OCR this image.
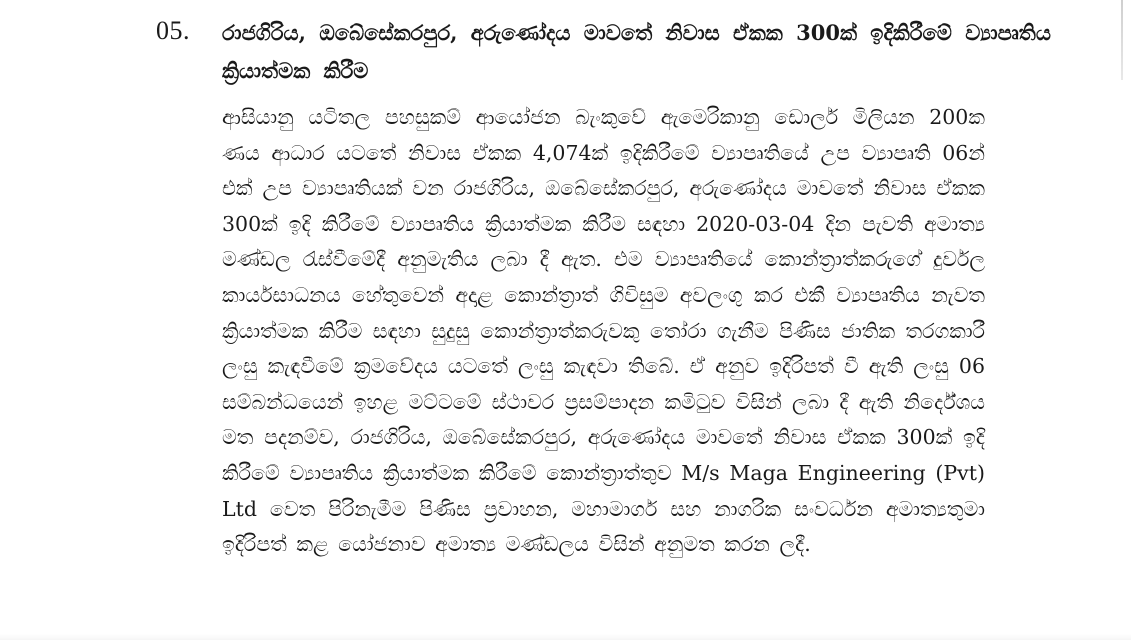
05. රාජගිරිය, ඔබේසේකරපුර, අරුණෝදය මාවතේ නිවාස ඒකක 300ක් ඉදිකිරීමේ ව්‍යාපෘතිය ක්‍රියාත්මක කිරීම

ආසියානු යටිතල පහසුකම් ආයෝජන බැංකුවේ ඇමෙරිකානු ඩොලර් මිලියන 200ක ණය ආධාර යටතේ නිවාස ඒකක 4,074ක් ඉදිකිරීමේ ව්‍යාපෘතියේ උප ව්‍යාපෘති 06න් එක් උප ව්‍යාපෘතියක් වන රාජගිරිය, ඔබේසේකරපුර, අරුණෝදය මාවතේ නිවාස ඒකක 300ක් ඉදි කිරීමේ ව්‍යාපෘතිය ක්‍රියාත්මක කිරීම සඳහා 2020-03-04 දින පැවති අමාත්‍ය මණ්ඩල රැස්වීමේදී අනුමැතිය ලබා දී ඇත. එම ව්‍යාපෘතියේ කොන්ත්‍රාත්කරුගේ දුර්වල කාර්යසාධනය හේතුවෙන් අදාළ කොන්ත්‍රාත් ගිවිසුම අවලංගු කර එකී ව්‍යාපෘතිය නැවත ක්‍රියාත්මක කිරීම සඳහා සුදුසු කොන්ත්‍රාත්කරුවකු තෝරා ගැනීම පිණිස ජාතික තරගකාරී ලංසු කැඳවීමේ ක්‍රමවේදය යටතේ ලංසු කැඳවා තිබේ. ඒ අනුව ඉදිරිපත් වී ඇති ලංසු 06 සම්බන්ධයෙන් ඉහළ මට්ටමේ ස්ථාවර ප්‍රසම්පාදන කමිටුව විසින් ලබා දී ඇති නිර්දේශය මත පදනම්ව, රාජගිරිය, ඔබේසේකරපුර, අරුණෝදය මාවතේ නිවාස ඒකක 300ක් ඉදි කිරීමේ ව්‍යාපෘතිය ක්‍රියාත්මක කිරීමේ කොන්ත්‍රාත්තුව M/s Maga Engineering (Pvt) Ltd වෙත පිරිනැමීම පිණිස ප්‍රවාහන, මහාමාර්ග සහ නාගරික සංවර්ධන අමාත්‍යතුමා ඉදිරිපත් කළ යෝජනාව අමාත්‍ය මණ්ඩලය විසින් අනුමත කරන ලදී.
